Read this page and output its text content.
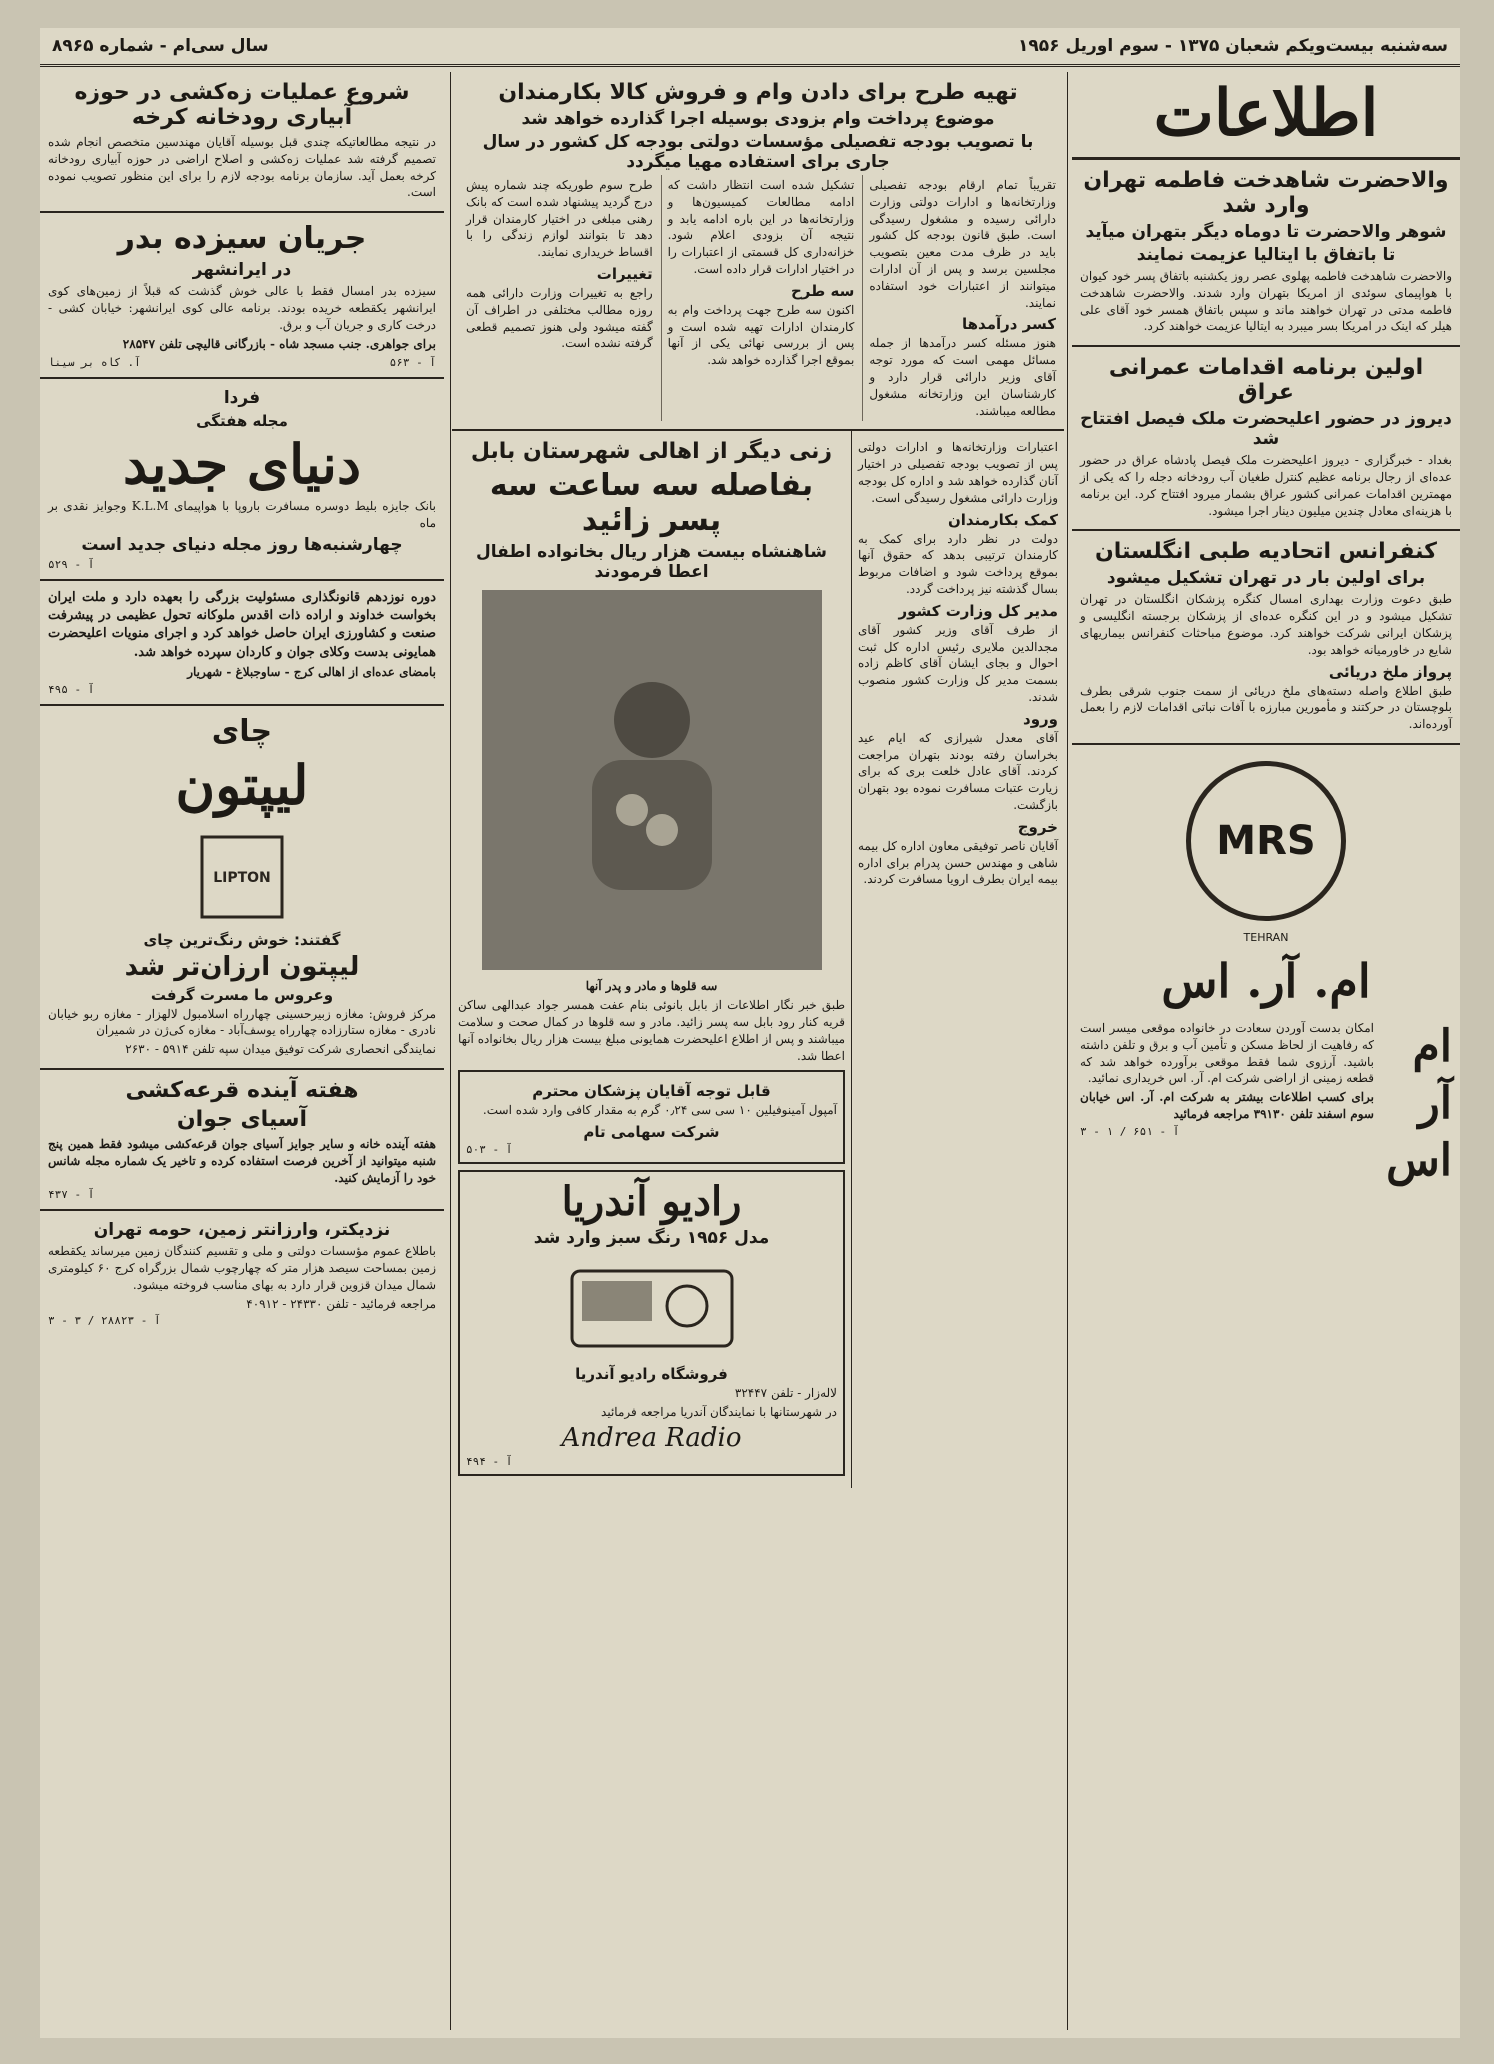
سه‌شنبه بیست‌ویکم شعبان ۱۳۷۵ - سوم اوریل ۱۹۵۶
سال سی‌ام - شماره ۸۹۶۵
اطلاعات
والاحضرت شاهدخت فاطمه تهران وارد شد
شوهر والاحضرت تا دوماه دیگر بتهران میآید
تا باتفاق با ایتالیا عزیمت نمایند

والاحضرت شاهدخت فاطمه پهلوی عصر روز یکشنبه باتفاق پسر خود کیوان با هواپیمای سوئدی از امریکا بتهران وارد شدند. والاحضرت شاهدخت فاطمه مدتی در تهران خواهند ماند و سپس باتفاق همسر خود آقای علی هیلر که اینک در امریکا بسر میبرد به ایتالیا عزیمت خواهند کرد.

اولین برنامه اقدامات عمرانی عراق
دیروز در حضور اعلیحضرت ملک فیصل افتتاح شد

بغداد - خبرگزاری - دیروز اعلیحضرت ملک فیصل پادشاه عراق در حضور عده‌ای از رجال برنامه عظیم کنترل طغیان آب رودخانه دجله را که یکی از مهمترین اقدامات عمرانی کشور عراق بشمار میرود افتتاح کرد. این برنامه با هزینه‌ای معادل چندین میلیون دینار اجرا میشود.

کنفرانس اتحادیه طبی انگلستان
برای اولین بار در تهران تشکیل میشود

طبق دعوت وزارت بهداری امسال کنگره پزشکان انگلستان در تهران تشکیل میشود و در این کنگره عده‌ای از پزشکان برجسته انگلیسی و پزشکان ایرانی شرکت خواهند کرد. موضوع مباحثات کنفرانس بیماریهای شایع در خاورمیانه خواهد بود.

پرواز ملخ دریائی

طبق اطلاع واصله دسته‌های ملخ دریائی از سمت جنوب شرقی بطرف بلوچستان در حرکتند و مأمورین مبارزه با آفات نباتی اقدامات لازم را بعمل آورده‌اند.

MRS
TEHRAN
ام. آر. اس
ام
آر
اس

امکان بدست آوردن سعادت در خانواده موقعی میسر است که رفاهیت از لحاظ مسکن و تأمین آب و برق و تلفن داشته باشید. آرزوی شما فقط موقعی برآورده خواهد شد که قطعه زمینی از اراضی شرکت ام. آر. اس خریداری نمائید.

برای کسب اطلاعات بیشتر به شرکت ام. آر. اس خیابان سوم اسفند تلفن ۳۹۱۳۰ مراجعه فرمائید

آ - ۶۵۱ / ۱ - ۳
تهیه طرح برای دادن وام و فروش کالا بکارمندان
موضوع پرداخت وام بزودی بوسیله اجرا گذارده خواهد شد
با تصویب بودجه تفصیلی مؤسسات دولتی بودجه کل کشور در سال جاری برای استفاده مهیا میگردد

تقریباً تمام ارقام بودجه تفصیلی وزارتخانه‌ها و ادارات دولتی وزارت دارائی رسیده و مشغول رسیدگی است. طبق قانون بودجه کل کشور باید در ظرف مدت معین بتصویب مجلسین برسد و پس از آن ادارات میتوانند از اعتبارات خود استفاده نمایند.

کسر درآمدها

هنوز مسئله کسر درآمدها از جمله مسائل مهمی است که مورد توجه آقای وزیر دارائی قرار دارد و کارشناسان این وزارتخانه مشغول مطالعه میباشند.

تشکیل شده است انتظار داشت که ادامه مطالعات کمیسیون‌ها و وزارتخانه‌ها در این باره ادامه یابد و نتیجه آن بزودی اعلام شود. خزانه‌داری کل قسمتی از اعتبارات را در اختیار ادارات قرار داده است.

سه طرح

اکنون سه طرح جهت پرداخت وام به کارمندان ادارات تهیه شده است و پس از بررسی نهائی یکی از آنها بموقع اجرا گذارده خواهد شد.

طرح سوم طوریکه چند شماره پیش درج گردید پیشنهاد شده است که بانک رهنی مبلغی در اختیار کارمندان قرار دهد تا بتوانند لوازم زندگی را با اقساط خریداری نمایند.

تغییرات

راجع به تغییرات وزارت دارائی همه روزه مطالب مختلفی در اطراف آن گفته میشود ولی هنوز تصمیم قطعی گرفته نشده است.

اعتبارات وزارتخانه‌ها و ادارات دولتی پس از تصویب بودجه تفصیلی در اختیار آنان گذارده خواهد شد و اداره کل بودجه وزارت دارائی مشغول رسیدگی است.

کمک بکارمندان

دولت در نظر دارد برای کمک به کارمندان ترتیبی بدهد که حقوق آنها بموقع پرداخت شود و اضافات مربوط بسال گذشته نیز پرداخت گردد.

مدیر کل وزارت کشور

از طرف آقای وزیر کشور آقای مجدالدین ملایری رئیس اداره کل ثبت احوال و بجای ایشان آقای کاظم زاده بسمت مدیر کل وزارت کشور منصوب شدند.

ورود

آقای معدل شیرازی که ایام عید بخراسان رفته بودند بتهران مراجعت کردند. آقای عادل خلعت بری که برای زیارت عتبات مسافرت نموده بود بتهران بازگشت.

خروج

آقایان ناصر توفیقی معاون اداره کل بیمه شاهی و مهندس حسن پدرام برای اداره بیمه ایران بطرف ارویا مسافرت کردند.

زنی دیگر از اهالی شهرستان بابل
بفاصله سه ساعت سه پسر زائید
شاهنشاه بیست هزار ریال بخانواده اطفال اعطا فرمودند

سه قلوها و مادر و پدر آنها

طبق خبر نگار اطلاعات از بابل بانوئی بنام عفت همسر جواد عبدالهی ساکن قریه کنار رود بابل سه پسر زائید. مادر و سه قلوها در کمال صحت و سلامت میباشند و پس از اطلاع اعلیحضرت همایونی مبلغ بیست هزار ریال بخانواده آنها اعطا شد.

قابل توجه آقایان پزشکان محترم

آمپول آمینوفیلین ۱۰ سی سی ۰٫۲۴ گرم به مقدار کافی وارد شده است.

شرکت سهامی تام
آ - ۵۰۳
رادیو آندریا
مدل ۱۹۵۶ رنگ سبز وارد شد
فروشگاه رادیو آندریا

لاله‌زار - تلفن ۳۲۴۴۷

در شهرستانها با نمایندگان آندریا مراجعه فرمائید

Andrea Radio
آ - ۴۹۴
شروع عملیات زه‌کشی در حوزه آبیاری رودخانه کرخه

در نتیجه مطالعاتیکه چندی قبل بوسیله آقایان مهندسین متخصص انجام شده تصمیم گرفته شد عملیات زه‌کشی و اصلاح اراضی در حوزه آبیاری رودخانه کرخه بعمل آید. سازمان برنامه بودجه لازم را برای این منظور تصویب نموده است.

جریان سیزده بدر
در ایرانشهر

سیزده بدر امسال فقط با عالی خوش گذشت که قبلاً از زمین‌های کوی ایرانشهر یکقطعه خریده بودند. برنامه عالی کوی ایرانشهر: خیابان کشی - درخت کاری و جریان آب و برق.

برای جواهری. جنب مسجد شاه - بازرگانی قالیچی تلفن ۲۸۵۴۷

آ - ۵۶۳
آ. کاه بر سینا
فردا
مجله هفتگی
دنیای جدید

بانک جایزه بلیط دوسره مسافرت باروپا با هواپیمای K.L.M وجوایز نقدی بر ماه

چهارشنبه‌ها روز مجله دنیای جدید است
آ - ۵۲۹

دوره نوزدهم قانونگذاری مسئولیت بزرگی را بعهده دارد و ملت ایران بخواست خداوند و اراده ذات اقدس ملوکانه تحول عظیمی در پیشرفت صنعت و کشاورزی ایران حاصل خواهد کرد و اجرای منویات اعلیحضرت همایونی بدست وکلای جوان و کاردان سپرده خواهد شد.

بامضای عده‌ای از اهالی کرج - ساوجبلاغ - شهریار

آ - ۴۹۵
چای
لیپتون
LIPTON
گفتند: خوش رنگ‌ترین چای
لیپتون ارزان‌تر شد
وعروس ما مسرت گرفت

مرکز فروش: مغازه زبیرحسینی چهارراه اسلامبول لالهزار - مغازه ربو خیابان نادری - مغازه ستارزاده چهارراه یوسف‌آباد - مغازه کی‌ژن در شمیران

نمایندگی انحصاری شرکت توفیق میدان سپه تلفن ۵۹۱۴ - ۲۶۳۰

هفته آینده قرعه‌کشی
آسیای جوان

هفته آینده خانه و سایر جوایز آسیای جوان قرعه‌کشی میشود فقط همین پنج شنبه میتوانید از آخرین فرصت استفاده کرده و تاخیر یک شماره مجله شانس خود را آزمایش کنید.

آ - ۴۳۷
نزدیکتر، وارزانتر زمین، حومه تهران

باطلاع عموم مؤسسات دولتی و ملی و تقسیم کنندگان زمین میرساند یکقطعه زمین بمساحت سیصد هزار متر که چهارچوب شمال بزرگراه کرج ۶۰ کیلومتری شمال میدان قزوین قرار دارد به بهای مناسب فروخته میشود.

مراجعه فرمائید - تلفن ۲۴۳۳۰ - ۴۰۹۱۲

آ - ۲۸۸۲۳ / ۳ - ۳
